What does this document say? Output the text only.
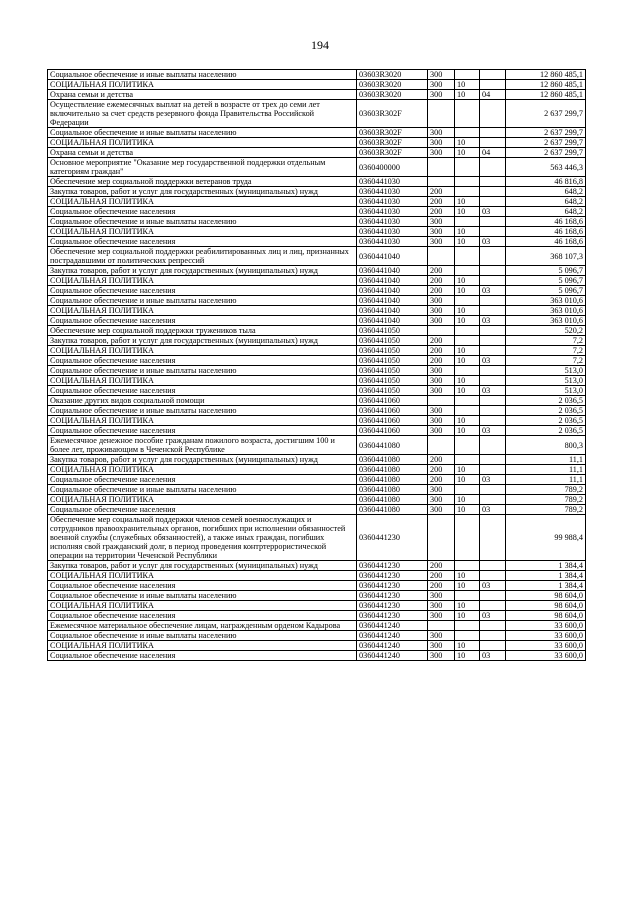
194
Социальное обеспечение и иные выплаты населению	03603R3020	300			12 860 485,1
СОЦИАЛЬНАЯ ПОЛИТИКА	03603R3020	300	10		12 860 485,1
Охрана семьи и детства	03603R3020	300	10	04	12 860 485,1
Осуществление ежемесячных выплат на детей в возрасте от трех до семи лет включительно за счет средств резервного фонда Правительства Российской Федерации	03603R302F				2 637 299,7
Социальное обеспечение и иные выплаты населению	03603R302F	300			2 637 299,7
СОЦИАЛЬНАЯ ПОЛИТИКА	03603R302F	300	10		2 637 299,7
Охрана семьи и детства	03603R302F	300	10	04	2 637 299,7
Основное мероприятие "Оказание мер государственной поддержки отдельным категориям граждан"	0360400000				563 446,3
Обеспечение мер социальной поддержки ветеранов труда	0360441030				46 816,8
Закупка товаров, работ и услуг для государственных (муниципальных) нужд	0360441030	200			648,2
СОЦИАЛЬНАЯ ПОЛИТИКА	0360441030	200	10		648,2
Социальное обеспечение населения	0360441030	200	10	03	648,2
Социальное обеспечение и иные выплаты населению	0360441030	300			46 168,6
СОЦИАЛЬНАЯ ПОЛИТИКА	0360441030	300	10		46 168,6
Социальное обеспечение населения	0360441030	300	10	03	46 168,6
Обеспечение мер социальной поддержки реабилитированных лиц и лиц, признанных пострадавшими от политических репрессий	0360441040				368 107,3
Закупка товаров, работ и услуг для государственных (муниципальных) нужд	0360441040	200			5 096,7
СОЦИАЛЬНАЯ ПОЛИТИКА	0360441040	200	10		5 096,7
Социальное обеспечение населения	0360441040	200	10	03	5 096,7
Социальное обеспечение и иные выплаты населению	0360441040	300			363 010,6
СОЦИАЛЬНАЯ ПОЛИТИКА	0360441040	300	10		363 010,6
Социальное обеспечение населения	0360441040	300	10	03	363 010,6
Обеспечение мер социальной поддержки тружеников тыла	0360441050				520,2
Закупка товаров, работ и услуг для государственных (муниципальных) нужд	0360441050	200			7,2
СОЦИАЛЬНАЯ ПОЛИТИКА	0360441050	200	10		7,2
Социальное обеспечение населения	0360441050	200	10	03	7,2
Социальное обеспечение и иные выплаты населению	0360441050	300			513,0
СОЦИАЛЬНАЯ ПОЛИТИКА	0360441050	300	10		513,0
Социальное обеспечение населения	0360441050	300	10	03	513,0
Оказание других видов социальной помощи	0360441060				2 036,5
Социальное обеспечение и иные выплаты населению	0360441060	300			2 036,5
СОЦИАЛЬНАЯ ПОЛИТИКА	0360441060	300	10		2 036,5
Социальное обеспечение населения	0360441060	300	10	03	2 036,5
Ежемесячное денежное пособие гражданам пожилого возраста, достигшим 100 и более лет, проживающим в Чеченской Республике	0360441080				800,3
Закупка товаров, работ и услуг для государственных (муниципальных) нужд	0360441080	200			11,1
СОЦИАЛЬНАЯ ПОЛИТИКА	0360441080	200	10		11,1
Социальное обеспечение населения	0360441080	200	10	03	11,1
Социальное обеспечение и иные выплаты населению	0360441080	300			789,2
СОЦИАЛЬНАЯ ПОЛИТИКА	0360441080	300	10		789,2
Социальное обеспечение населения	0360441080	300	10	03	789,2
Обеспечение мер социальной поддержки членов семей военнослужащих и сотрудников правоохранительных органов, погибших при исполнении обязанностей военной службы (служебных обязанностей), а также иных граждан, погибших исполняя свой гражданский долг, в период проведения контртеррористической операции на территории Чеченской Республики	0360441230				99 988,4
Закупка товаров, работ и услуг для государственных (муниципальных) нужд	0360441230	200			1 384,4
СОЦИАЛЬНАЯ ПОЛИТИКА	0360441230	200	10		1 384,4
Социальное обеспечение населения	0360441230	200	10	03	1 384,4
Социальное обеспечение и иные выплаты населению	0360441230	300			98 604,0
СОЦИАЛЬНАЯ ПОЛИТИКА	0360441230	300	10		98 604,0
Социальное обеспечение населения	0360441230	300	10	03	98 604,0
Ежемесячное материальное обеспечение лицам, награжденным орденом Кадырова	0360441240				33 600,0
Социальное обеспечение и иные выплаты населению	0360441240	300			33 600,0
СОЦИАЛЬНАЯ ПОЛИТИКА	0360441240	300	10		33 600,0
Социальное обеспечение населения	0360441240	300	10	03	33 600,0
